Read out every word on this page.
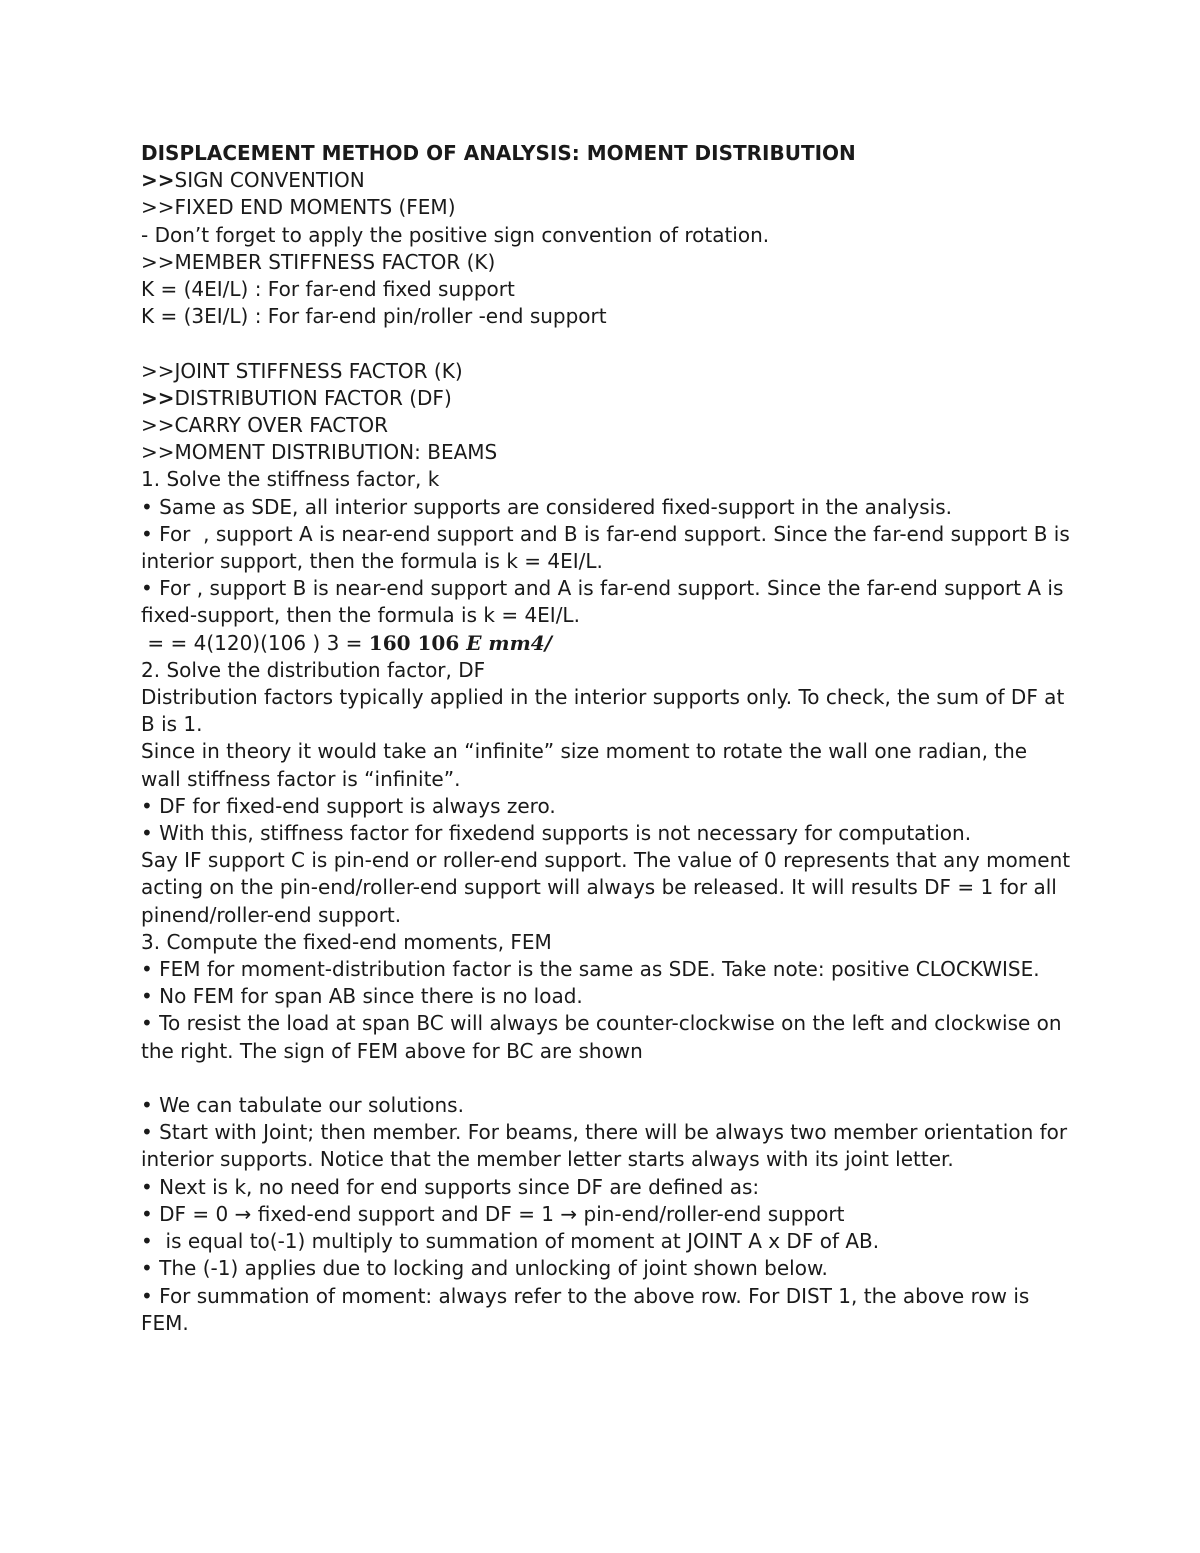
DISPLACEMENT METHOD OF ANALYSIS: MOMENT DISTRIBUTION
>>SIGN CONVENTION
>>FIXED END MOMENTS (FEM)
- Don’t forget to apply the positive sign convention of rotation.
>>MEMBER STIFFNESS FACTOR (K)
K = (4EI/L) : For far-end fixed support
K = (3EI/L) : For far-end pin/roller -end support
>>JOINT STIFFNESS FACTOR (K)
>>DISTRIBUTION FACTOR (DF)
>>CARRY OVER FACTOR
>>MOMENT DISTRIBUTION: BEAMS
1. Solve the stiffness factor, k
• Same as SDE, all interior supports are considered fixed-support in the analysis.
• For  , support A is near-end support and B is far-end support. Since the far-end support B is interior support, then the formula is k = 4EI/L.
• For , support B is near-end support and A is far-end support. Since the far-end support A is fixed-support, then the formula is k = 4EI/L.
= = 4(120)(106 ) 3 = 160 106 E mm4/
2. Solve the distribution factor, DF
Distribution factors typically applied in the interior supports only. To check, the sum of DF at B is 1.
Since in theory it would take an “infinite” size moment to rotate the wall one radian, the wall stiffness factor is “infinite”.
• DF for fixed-end support is always zero.
• With this, stiffness factor for fixedend supports is not necessary for computation.
Say IF support C is pin-end or roller-end support. The value of 0 represents that any moment acting on the pin-end/roller-end support will always be released. It will results DF = 1 for all pinend/roller-end support.
3. Compute the fixed-end moments, FEM
• FEM for moment-distribution factor is the same as SDE. Take note: positive CLOCKWISE.
• No FEM for span AB since there is no load.
• To resist the load at span BC will always be counter-clockwise on the left and clockwise on the right. The sign of FEM above for BC are shown
• We can tabulate our solutions.
• Start with Joint; then member. For beams, there will be always two member orientation for interior supports. Notice that the member letter starts always with its joint letter.
• Next is k, no need for end supports since DF are defined as:
• DF = 0 → fixed-end support and DF = 1 → pin-end/roller-end support
•  is equal to(-1) multiply to summation of moment at JOINT A x DF of AB.
• The (-1) applies due to locking and unlocking of joint shown below.
• For summation of moment: always refer to the above row. For DIST 1, the above row is FEM.
